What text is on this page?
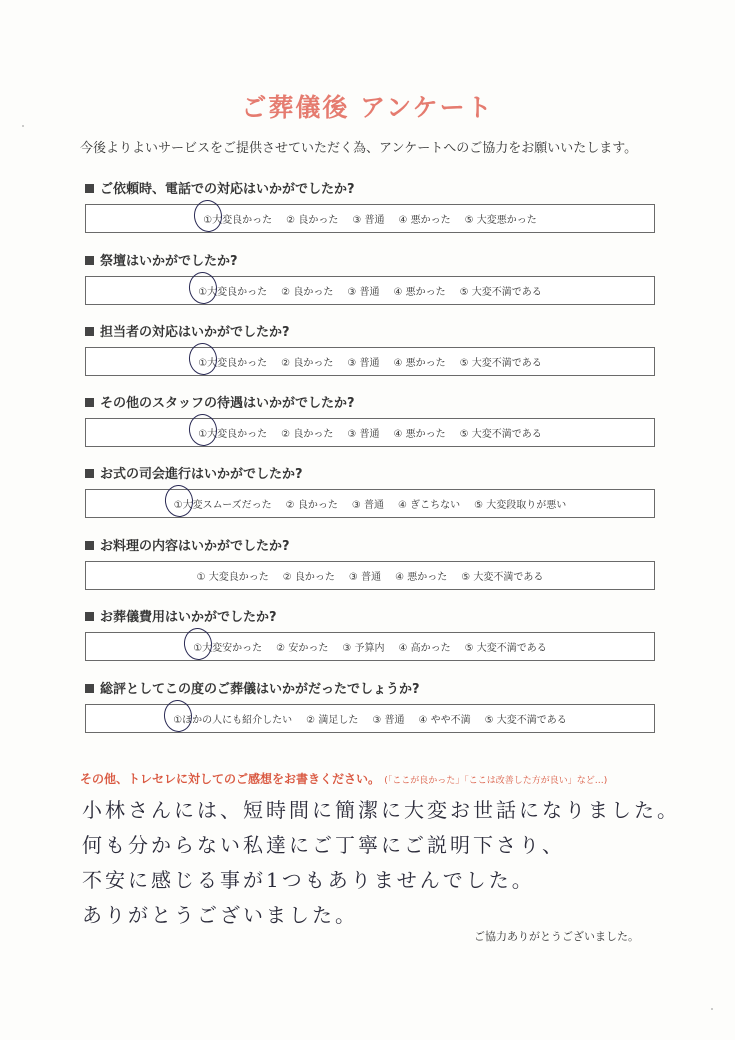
ご葬儀後 アンケート
今後よりよいサービスをご提供させていただく為、アンケートへのご協力をお願いいたします。
ご依頼時、電話での対応はいかがでしたか?
①大変良かった ② 良かった ③ 普通 ④ 悪かった ⑤ 大変悪かった
祭壇はいかがでしたか?
①大変良かった ② 良かった ③ 普通 ④ 悪かった ⑤ 大変不満である
担当者の対応はいかがでしたか?
①大変良かった ② 良かった ③ 普通 ④ 悪かった ⑤ 大変不満である
その他のスタッフの待遇はいかがでしたか?
①大変良かった ② 良かった ③ 普通 ④ 悪かった ⑤ 大変不満である
お式の司会進行はいかがでしたか?
①大変スムーズだった ② 良かった ③ 普通 ④ ぎこちない ⑤ 大変段取りが悪い
お料理の内容はいかがでしたか?
① 大変良かった ② 良かった ③ 普通 ④ 悪かった ⑤ 大変不満である
お葬儀費用はいかがでしたか?
①大変安かった ② 安かった ③ 予算内 ④ 高かった ⑤ 大変不満である
総評としてこの度のご葬儀はいかがだったでしょうか?
①ほかの人にも紹介したい ② 満足した ③ 普通 ④ やや不満 ⑤ 大変不満である
その他、トレセレに対してのご感想をお書きください。 (「ここが良かった」「ここは改善した方が良い」など…)
小林さんには、短時間に簡潔に大変お世話になりました。
何も分からない私達にご丁寧にご説明下さり、
不安に感じる事が1つもありませんでした。
ありがとうございました。
ご協力ありがとうございました。
